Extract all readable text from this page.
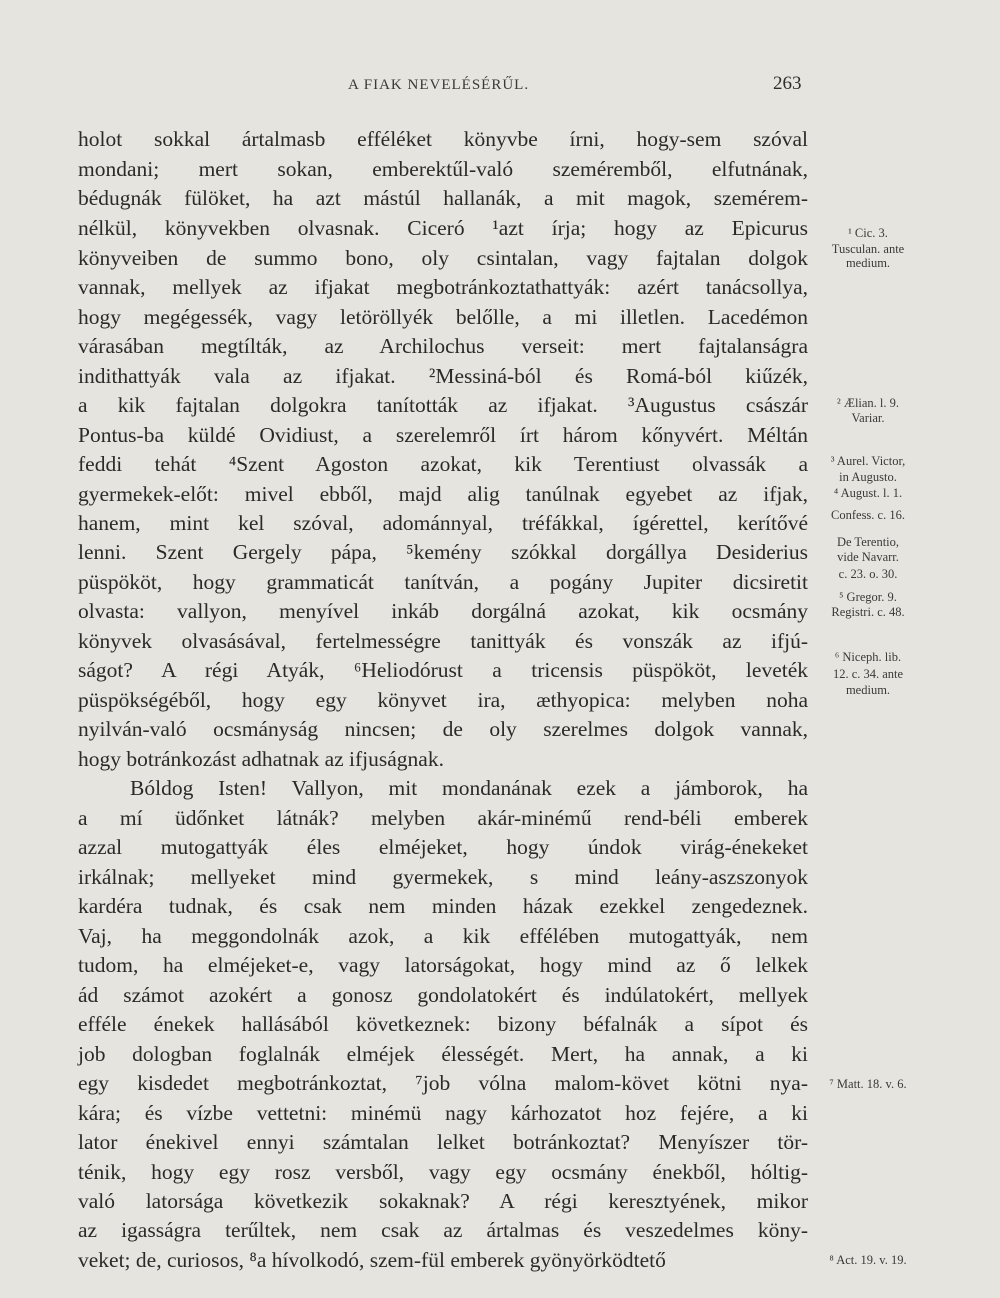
A FIAK NEVELÉSÉRŰL.	263
holot sokkal ártalmasb efféléket könyvbe írni, hogy-sem szóval
mondani; mert sokan, emberektűl-való szeméremből, elfutnának,
bédugnák fülöket, ha azt mástúl hallanák, a mit magok, szemérem-
nélkül, könyvekben olvasnak. Ciceró ¹azt írja; hogy az Epicurus
könyveiben de summo bono, oly csintalan, vagy fajtalan dolgok
vannak, mellyek az ifjakat megbotránkoztathattyák: azért tanácsollya,
hogy megégessék, vagy letöröllyék belőlle, a mi illetlen. Lacedémon
várasában megtílták, az Archilochus verseit: mert fajtalanságra
indithattyák vala az ifjakat. ²Messiná-ból és Romá-ból kiűzék,
a kik fajtalan dolgokra tanították az ifjakat. ³Augustus császár
Pontus-ba küldé Ovidiust, a szerelemről írt három kőnyvért. Méltán
feddi tehát ⁴Szent Agoston azokat, kik Terentiust olvassák a
gyermekek-előt: mivel ebből, majd alig tanúlnak egyebet az ifjak,
hanem, mint kel szóval, adománnyal, tréfákkal, ígérettel, kerítővé
lenni. Szent Gergely pápa, ⁵kemény szókkal dorgállya Desiderius
püspököt, hogy grammaticát tanítván, a pogány Jupiter dicsiretit
olvasta: vallyon, menyível inkáb dorgálná azokat, kik ocsmány
könyvek olvasásával, fertelmességre tanittyák és vonszák az ifjú-
ságot? A régi Atyák, ⁶Heliodórust a tricensis püspököt, leveték
püspökségéből, hogy egy könyvet ira, æthyopica: melyben noha
nyilván-való ocsmányság nincsen; de oly szerelmes dolgok vannak,
hogy botránkozást adhatnak az ifjuságnak.
Bóldog Isten! Vallyon, mit mondanának ezek a jámborok, ha
a mí üdőnket látnák? melyben akár-minémű rend-béli emberek
azzal mutogattyák éles elméjeket, hogy úndok virág-énekeket
irkálnak; mellyeket mind gyermekek, s mind leány-aszszonyok
kardéra tudnak, és csak nem minden házak ezekkel zengedeznek.
Vaj, ha meggondolnák azok, a kik effélében mutogattyák, nem
tudom, ha elméjeket-e, vagy latorságokat, hogy mind az ő lelkek
ád számot azokért a gonosz gondolatokért és indúlatokért, mellyek
efféle énekek hallásából következnek: bizony béfalnák a sípot és
job dologban foglalnák elméjek élességét. Mert, ha annak, a ki
egy kisdedet megbotránkoztat, ⁷job vólna malom-követ kötni nya-
kára; és vízbe vettetni: minémü nagy kárhozatot hoz fejére, a ki
lator énekivel ennyi számtalan lelket botránkoztat? Menyíszer tör-
ténik, hogy egy rosz versből, vagy egy ocsmány énekből, hóltig-
való latorsága következik sokaknak? A régi keresztyének, mikor
az igasságra terűltek, nem csak az ártalmas és veszedelmes köny-
veket; de, curiosos, ⁸a hívolkodó, szem-fül emberek gyönyörködtető
¹ Cic. 3.
Tusculan. ante
medium.
² Ælian. l. 9.
Variar.
³ Aurel. Victor,
in Augusto.
⁴ August. l. 1.
Confess. c. 16.
De Terentio,
vide Navarr.
c. 23. o. 30.
⁵ Gregor. 9.
Registri. c. 48.
⁶ Niceph. lib.
12. c. 34. ante
medium.
⁷ Matt. 18. v. 6.
⁸ Act. 19. v. 19.
